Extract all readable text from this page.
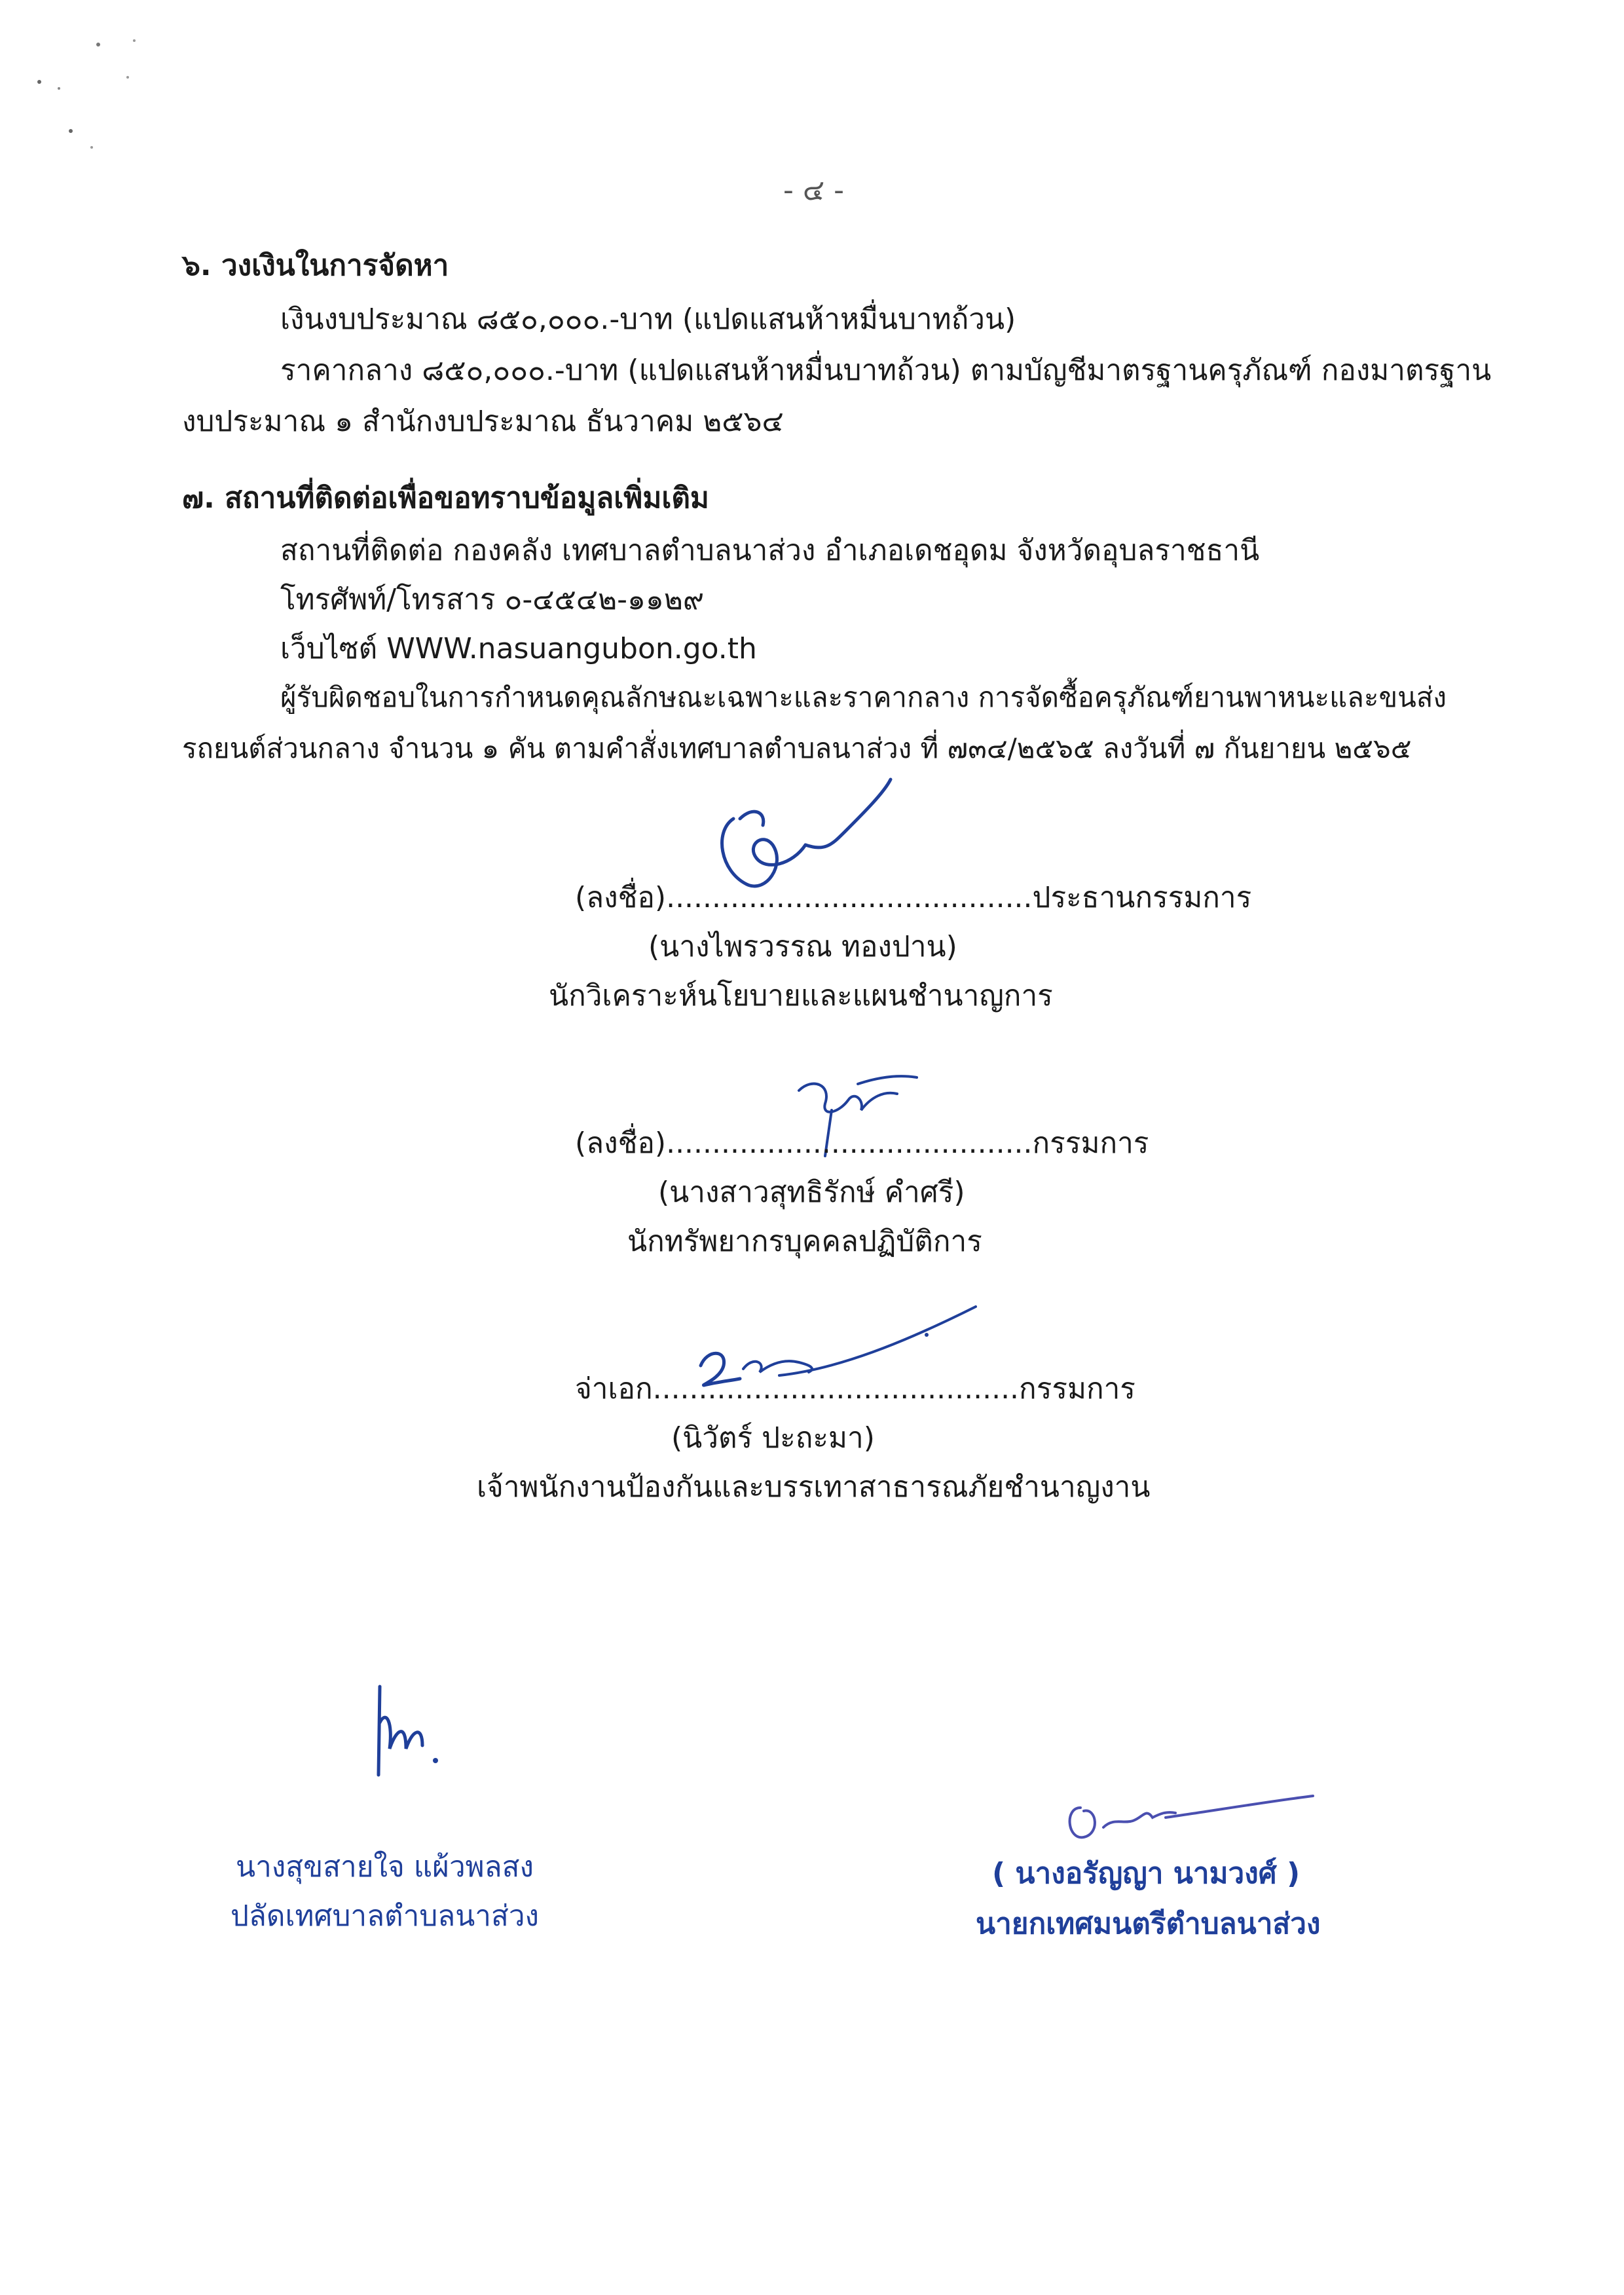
- ๔ -
๖. วงเงินในการจัดหา
เงินงบประมาณ ๘๕๐,๐๐๐.-บาท (แปดแสนห้าหมื่นบาทถ้วน)
ราคากลาง ๘๕๐,๐๐๐.-บาท (แปดแสนห้าหมื่นบาทถ้วน) ตามบัญชีมาตรฐานครุภัณฑ์ กองมาตรฐาน
งบประมาณ ๑ สำนักงบประมาณ ธันวาคม ๒๕๖๔
๗. สถานที่ติดต่อเพื่อขอทราบข้อมูลเพิ่มเติม
สถานที่ติดต่อ กองคลัง เทศบาลตำบลนาส่วง อำเภอเดชอุดม จังหวัดอุบลราชธานี
โทรศัพท์/โทรสาร ๐-๔๕๔๒-๑๑๒๙
เว็บไซต์ WWW.nasuangubon.go.th
ผู้รับผิดชอบในการกำหนดคุณลักษณะเฉพาะและราคากลาง การจัดซื้อครุภัณฑ์ยานพาหนะและขนส่ง
รถยนต์ส่วนกลาง จำนวน ๑ คัน ตามคำสั่งเทศบาลตำบลนาส่วง ที่ ๗๓๔/๒๕๖๕ ลงวันที่ ๗ กันยายน ๒๕๖๕
(ลงชื่อ)........................................ประธานกรรมการ
(นางไพรวรรณ ทองปาน)
นักวิเคราะห์นโยบายและแผนชำนาญการ
(ลงชื่อ)........................................กรรมการ
(นางสาวสุทธิรักษ์ คำศรี)
นักทรัพยากรบุคคลปฏิบัติการ
จ่าเอก........................................กรรมการ
(นิวัตร์ ปะถะมา)
เจ้าพนักงานป้องกันและบรรเทาสาธารณภัยชำนาญงาน
นางสุขสายใจ แผ้วพลสง
ปลัดเทศบาลตำบลนาส่วง
( นางอรัญญา นามวงศ์ )
นายกเทศมนตรีตำบลนาส่วง
